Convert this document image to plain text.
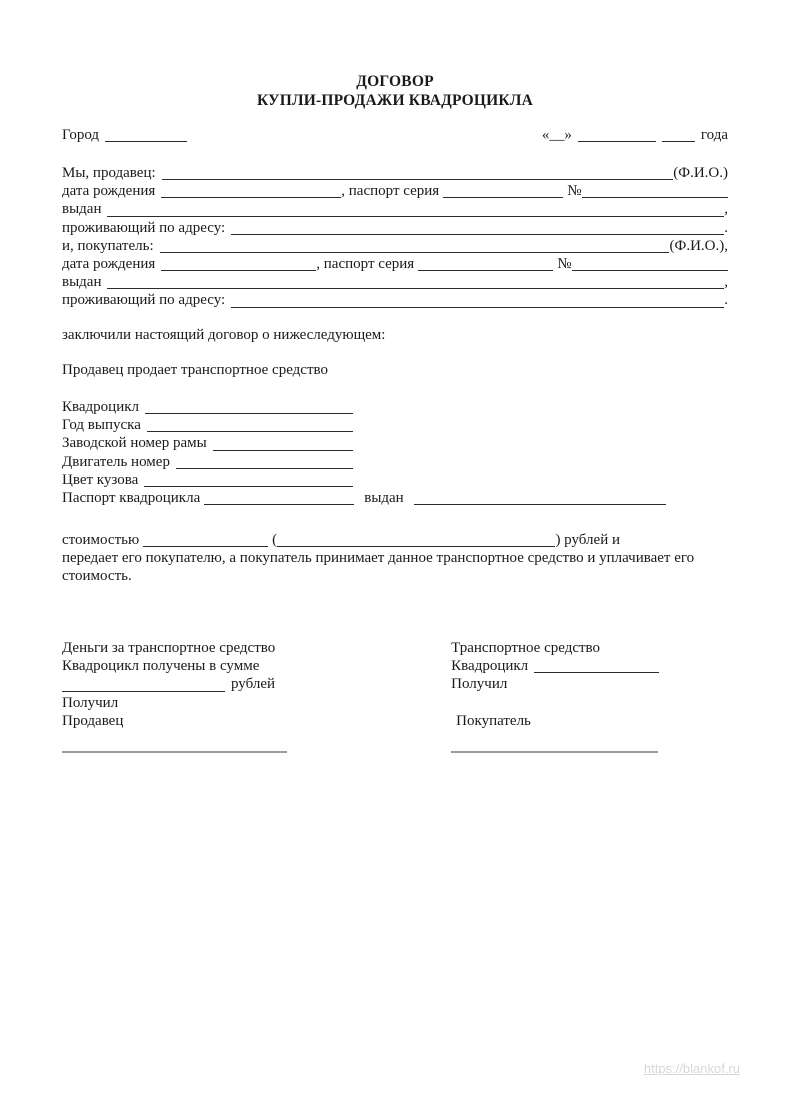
ДОГОВОР
КУПЛИ-ПРОДАЖИ КВАДРОЦИКЛА
Город	«__»	года
Мы, продавец:	(Ф.И.О.)
дата рождения	, паспорт серия	№
выдан	,
проживающий по адресу:	.
и, покупатель:	(Ф.И.О.),
дата рождения	, паспорт серия	№
выдан	,
проживающий по адресу:	.
заключили настоящий договор о нижеследующем:
Продавец продает транспортное средство
Квадроцикл
Год выпуска
Заводской номер рамы
Двигатель номер
Цвет кузова
Паспорт квадроцикла	выдан
стоимостью	(	) рублей и
передает его покупателю, а покупатель принимает данное транспортное средство и уплачивает его
стоимость.
Деньги за транспортное средство
Квадроцикл получены в сумме
рублей
Получил
Продавец
Транспортное средство
Квадроцикл
Получил
Покупатель
https://blankof.ru
